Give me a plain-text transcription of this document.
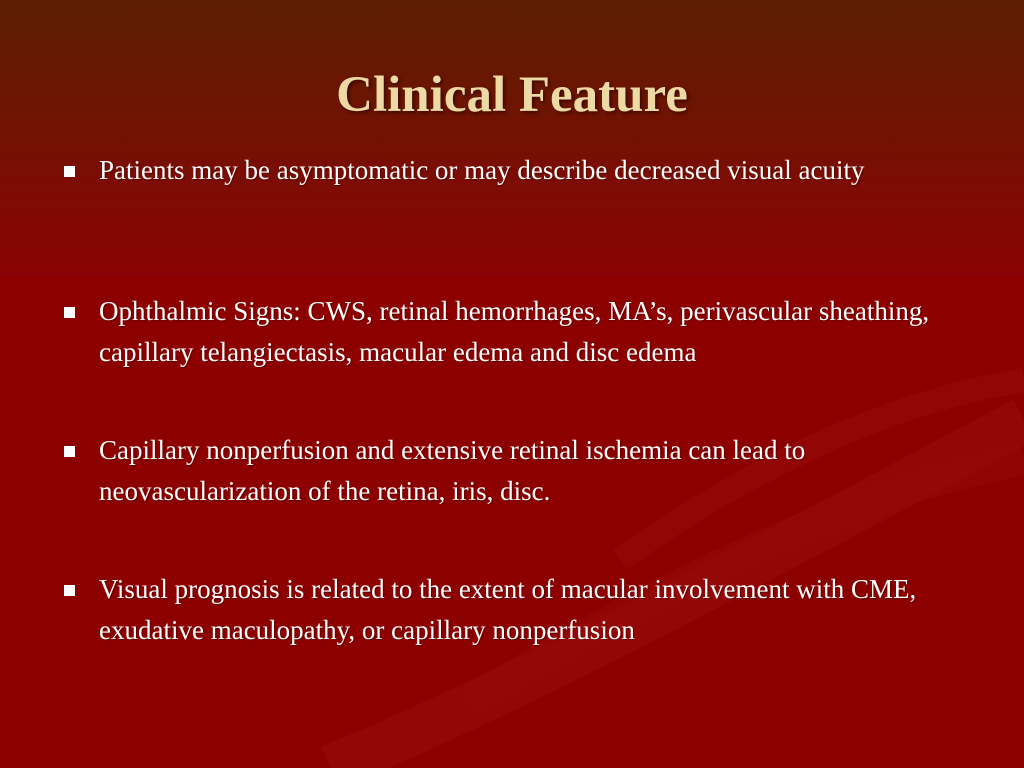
Clinical Feature
Patients may be asymptomatic or may describe decreased visual acuity
Ophthalmic Signs: CWS, retinal hemorrhages, MA’s, perivascular sheathing, capillary telangiectasis, macular edema and disc edema
Capillary nonperfusion and extensive retinal ischemia can lead to neovascularization of the retina, iris, disc.
Visual prognosis is related to the extent of macular involvement with CME, exudative maculopathy, or capillary nonperfusion
